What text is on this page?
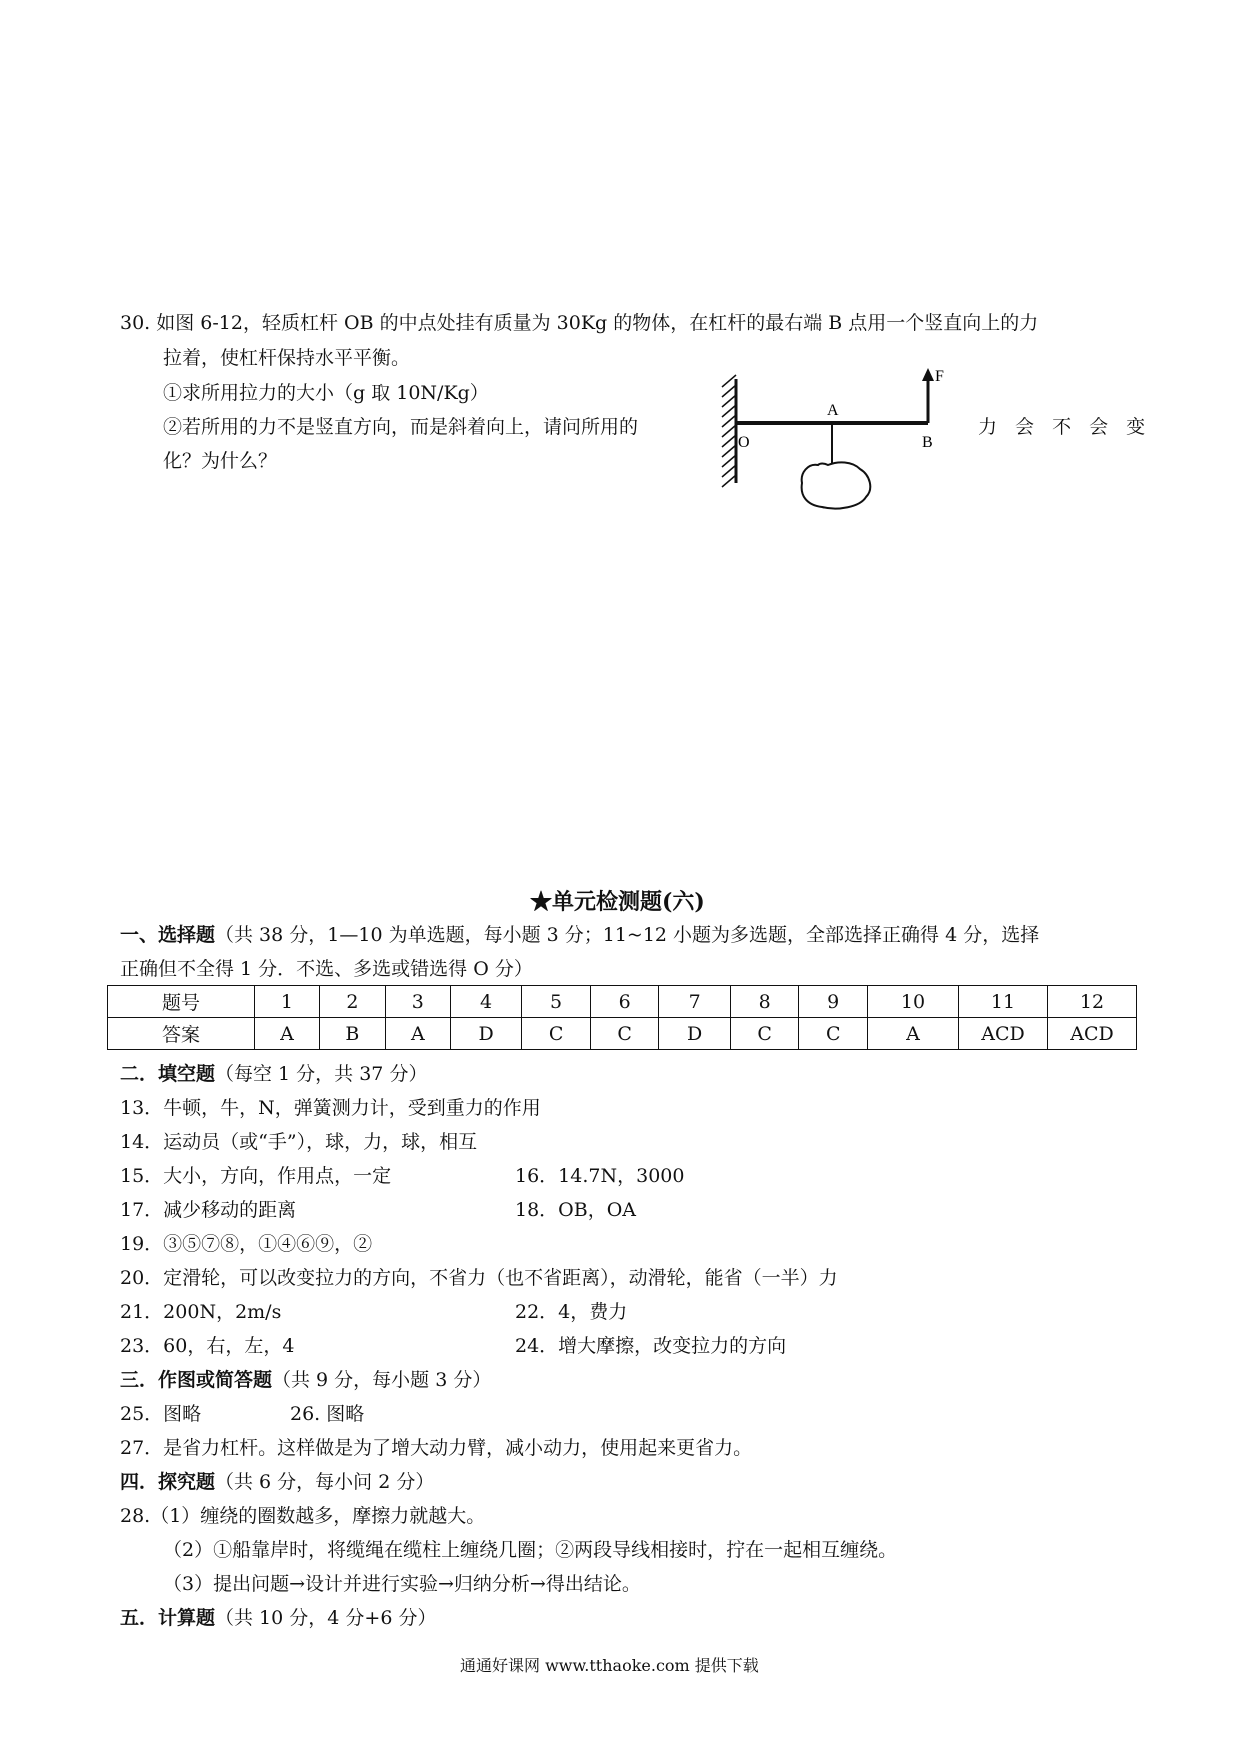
30. 如图 6-12，轻质杠杆 OB 的中点处挂有质量为 30Kg 的物体，在杠杆的最右端 B 点用一个竖直向上的力
拉着，使杠杆保持水平平衡。
①求所用拉力的大小（g 取 10N/Kg）
②若所用的力不是竖直方向，而是斜着向上，请问所用的	力 会 不 会 变
化？为什么？
F
A
O	B
★单元检测题(六)
一、选择题（共 38 分，1—10 为单选题，每小题 3 分；11~12 小题为多选题，全部选择正确得 4 分，选择
正确但不全得 1 分．不选、多选或错选得 O 分）
题号	1	2	3	4	5	6	7	8	9	10	11	12
答案	A	B	A	D	C	C	D	C	C	A	ACD	ACD
二．填空题（每空 1 分，共 37 分）
13．牛顿，牛，N，弹簧测力计，受到重力的作用
14．运动员（或“手”），球，力，球，相互
15．大小，方向，作用点，一定	16．14.7N，3000
17．减少移动的距离	18．OB，OA
19．③⑤⑦⑧，①④⑥⑨，②
20．定滑轮，可以改变拉力的方向，不省力（也不省距离），动滑轮，能省（一半）力
21．200N，2m/s	22．4，费力
23．60，右，左，4	24．增大摩擦，改变拉力的方向
三．作图或简答题（共 9 分，每小题 3 分）
25．图略	26. 图略
27．是省力杠杆。这样做是为了增大动力臂，减小动力，使用起来更省力。
四．探究题（共 6 分，每小问 2 分）
28.（1）缠绕的圈数越多，摩擦力就越大。
（2）①船靠岸时，将缆绳在缆柱上缠绕几圈；②两段导线相接时，拧在一起相互缠绕。
（3）提出问题→设计并进行实验→归纳分析→得出结论。
五．计算题（共 10 分，4 分+6 分）
通通好课网 www.tthaoke.com 提供下载
